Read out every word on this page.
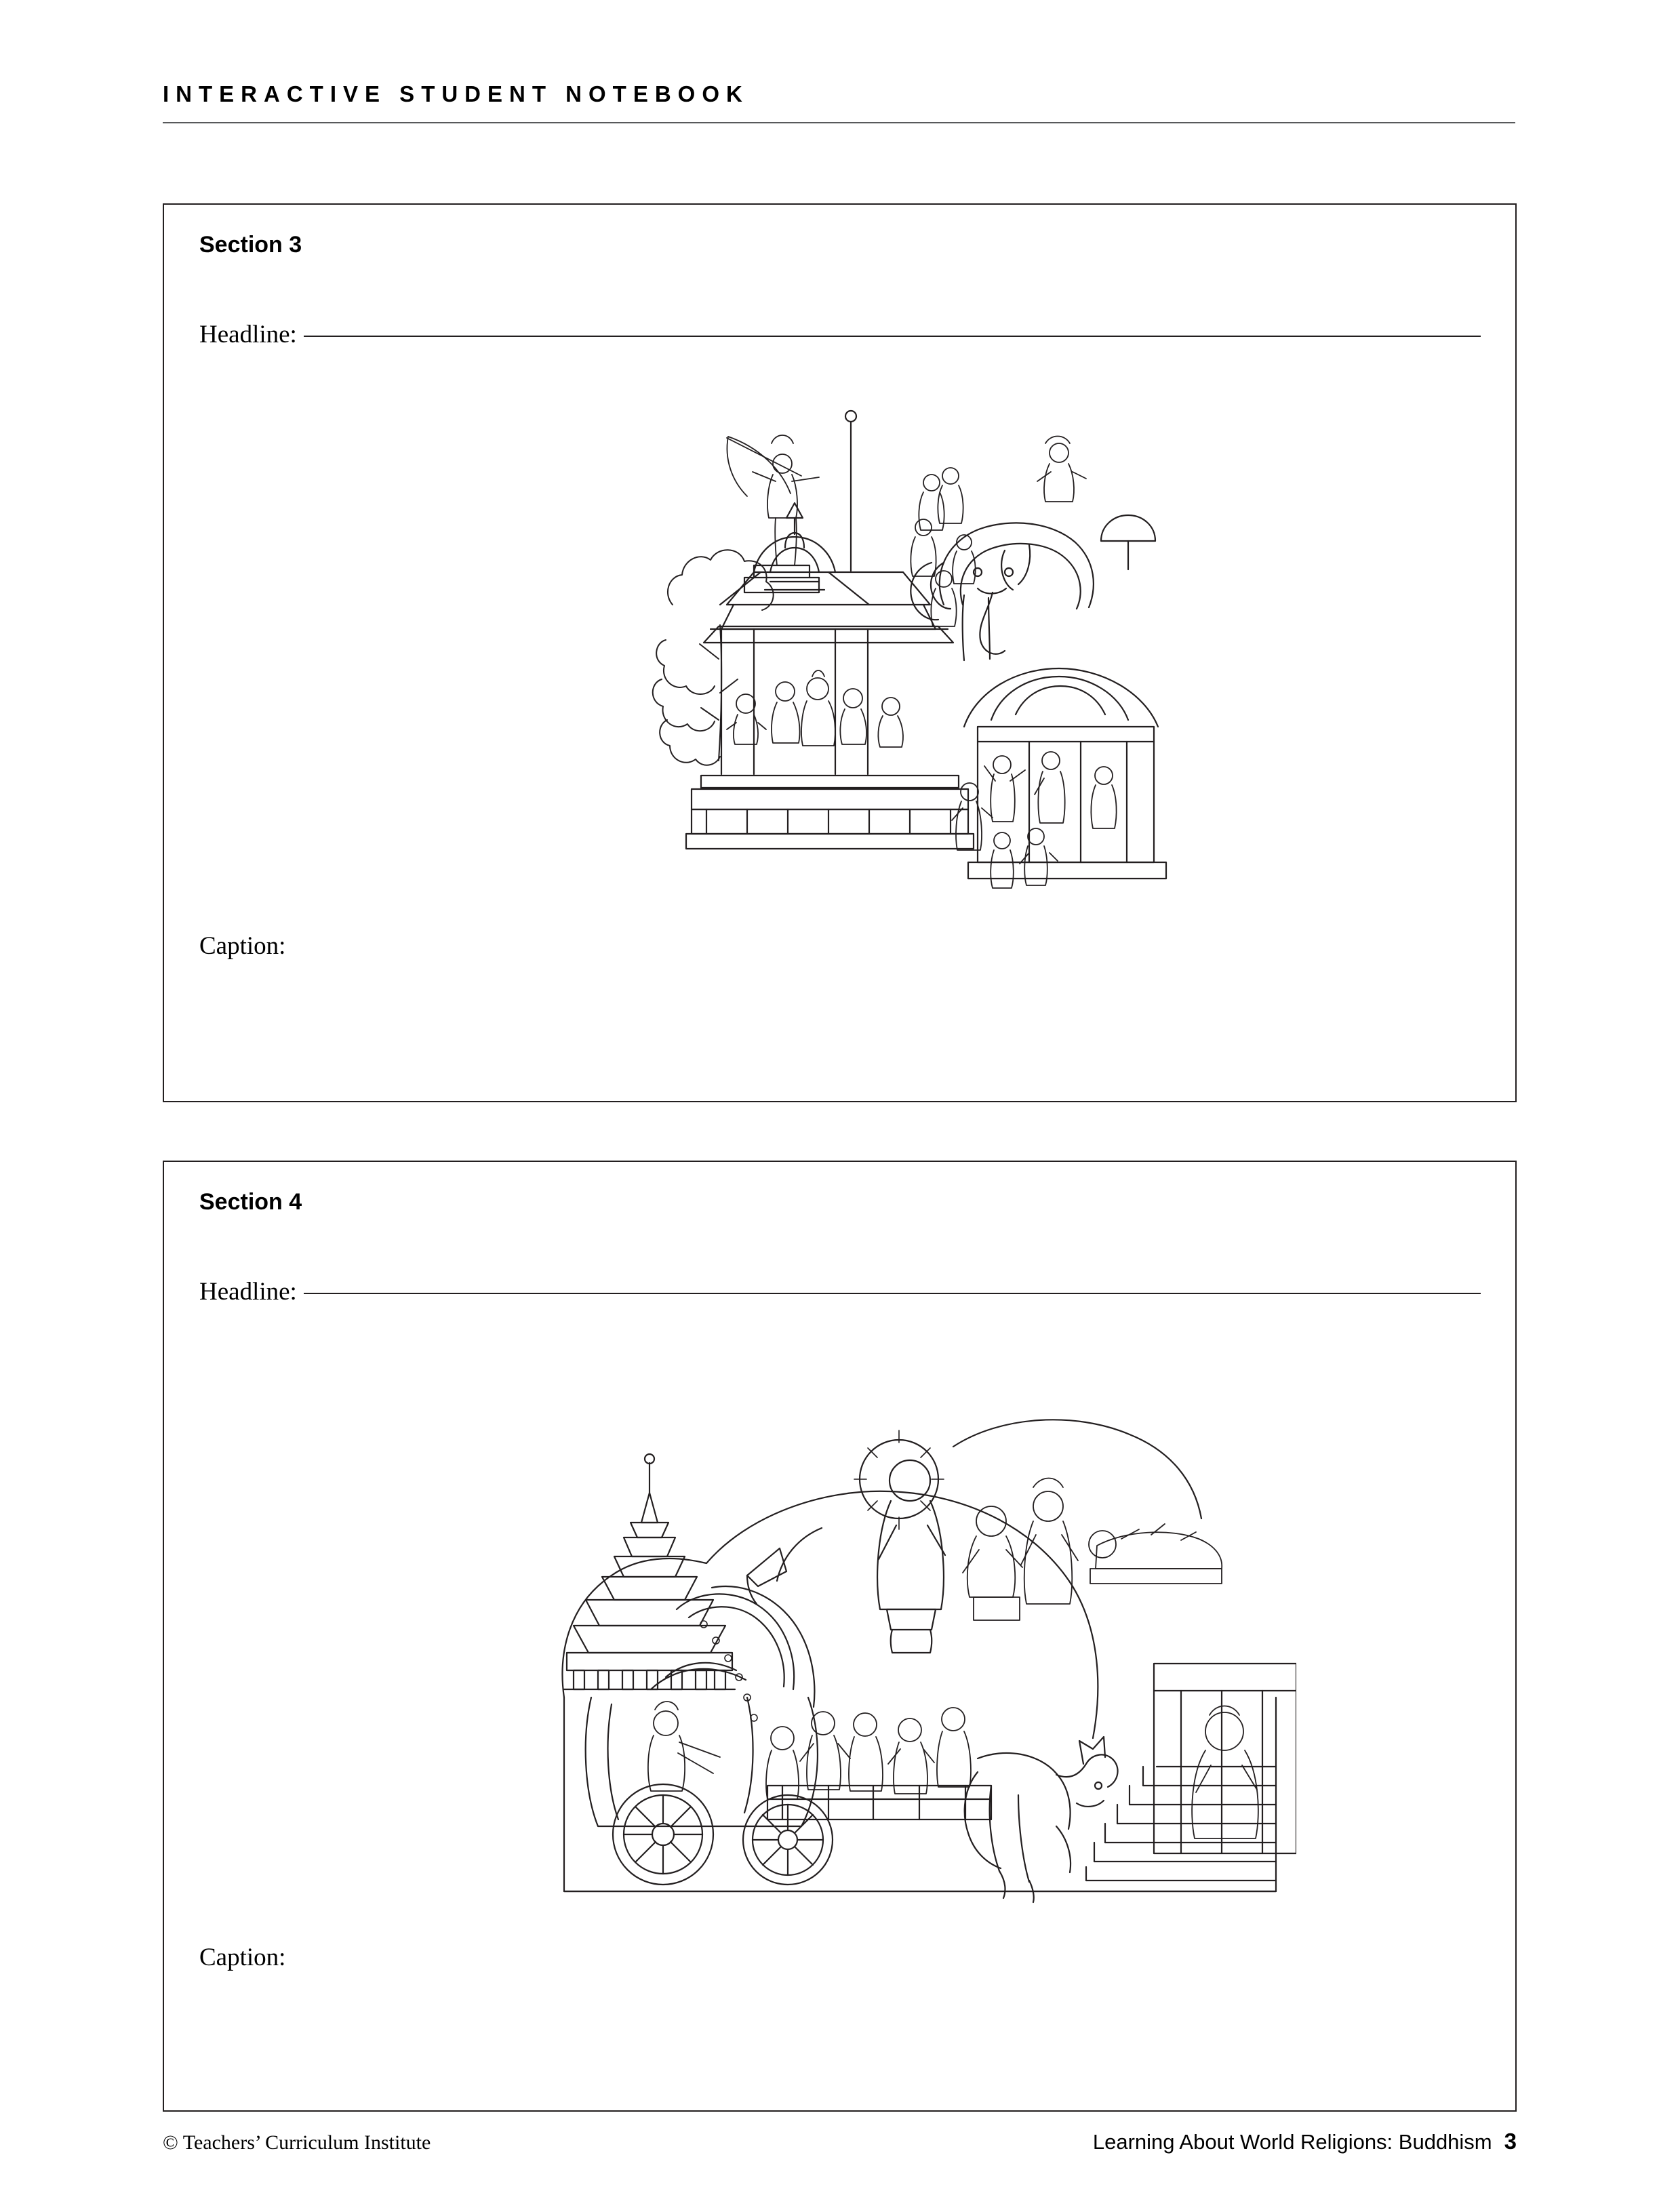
INTERACTIVE STUDENT NOTEBOOK
Section 3
Headline:
Caption:
Section 4
Headline:
Caption:
© Teachers’ Curriculum Institute	Learning About World Religions: Buddhism 3
